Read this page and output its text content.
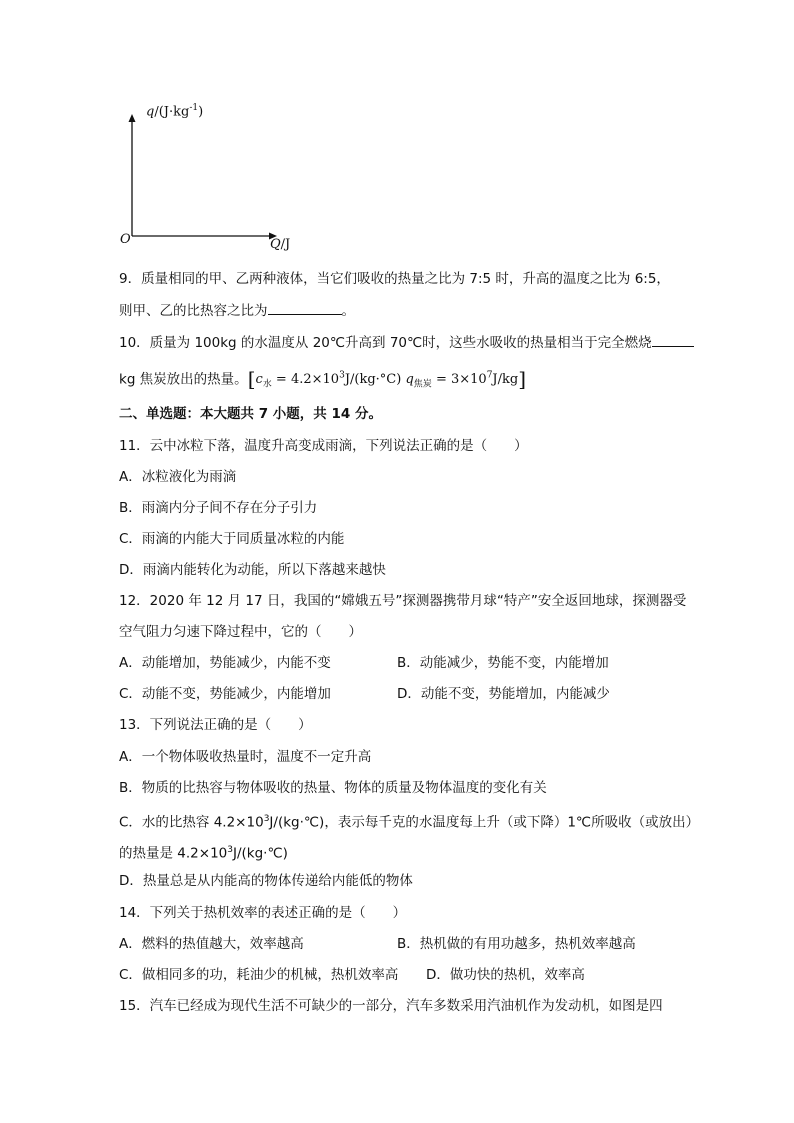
$q/(J\cdot kg^{-1})$
O	Q/J
9．质量相同的甲、乙两种液体，当它们吸收的热量之比为 7:5 时，升高的温度之比为 6:5，
则甲、乙的比热容之比为	。
10．质量为 100kg 的水温度从 20℃升高到 70℃时，这些水吸收的热量相当于完全燃烧
kg 焦炭放出的热量。$[c_水 = 4.2\times 10^3J/(kg\cdot^\circ C) q_{焦炭} = 3\times 10^7J/kg]$
二、单选题：本大题共 7 小题，共 14 分。
11．云中冰粒下落，温度升高变成雨滴，下列说法正确的是（　　）
A．冰粒液化为雨滴
B．雨滴内分子间不存在分子引力
C．雨滴的内能大于同质量冰粒的内能
D．雨滴内能转化为动能，所以下落越来越快
12．2020 年 12 月 17 日，我国的“嫦娥五号”探测器携带月球“特产”安全返回地球，探测器受
空气阻力匀速下降过程中，它的（　　）
A．动能增加，势能减少，内能不变	B．动能减少，势能不变，内能增加
C．动能不变，势能减少，内能增加	D．动能不变，势能增加，内能减少
13．下列说法正确的是（　　）
A．一个物体吸收热量时，温度不一定升高
B．物质的比热容与物体吸收的热量、物体的质量及物体温度的变化有关
C．水的比热容 $4.2\times 10^3J/(kg\cdot℃)$，表示每千克的水温度每上升（或下降）1℃所吸收（或放出）
的热量是 $4.2\times 10^3J/(kg\cdot℃)$
D．热量总是从内能高的物体传递给内能低的物体
14．下列关于热机效率的表述正确的是（　　）
A．燃料的热值越大，效率越高	B．热机做的有用功越多，热机效率越高
C．做相同多的功，耗油少的机械，热机效率高 D．做功快的热机，效率高
15．汽车已经成为现代生活不可缺少的一部分，汽车多数采用汽油机作为发动机，如图是四
